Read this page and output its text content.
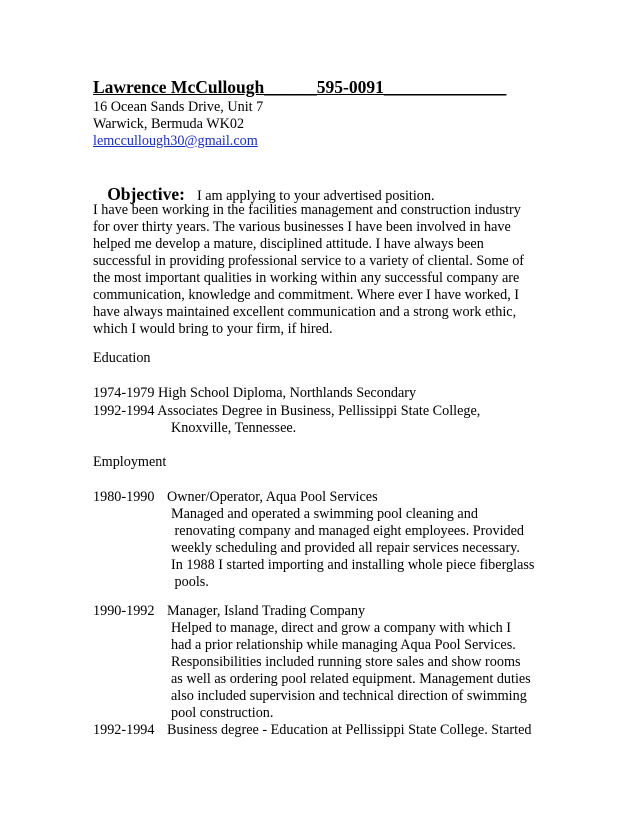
Lawrence McCullough______595-0091______________
16 Ocean Sands Drive, Unit 7
Warwick, Bermuda WK02
lemccullough30@gmail.com

Objective: I am applying to your advertised position.

I have been working in the facilities management and construction industry
for over thirty years. The various businesses I have been involved in have
helped me develop a mature, disciplined attitude. I have always been
successful in providing professional service to a variety of cliental. Some of
the most important qualities in working within any successful company are
communication, knowledge and commitment. Where ever I have worked, I
have always maintained excellent communication and a strong work ethic,
which I would bring to your firm, if hired.
Education
1974-1979 High School Diploma, Northlands Secondary
1992-1994 Associates Degree in Business, Pellissippi State College,
Knoxville, Tennessee.
Employment
1980-1990 Owner/Operator, Aqua Pool Services
Managed and operated a swimming pool cleaning and
renovating company and managed eight employees. Provided
weekly scheduling and provided all repair services necessary.
In 1988 I started importing and installing whole piece fiberglass
pools.
1990-1992 Manager, Island Trading Company
Helped to manage, direct and grow a company with which I
had a prior relationship while managing Aqua Pool Services.
Responsibilities included running store sales and show rooms
as well as ordering pool related equipment. Management duties
also included supervision and technical direction of swimming
pool construction.
1992-1994 Business degree - Education at Pellissippi State College. Started
